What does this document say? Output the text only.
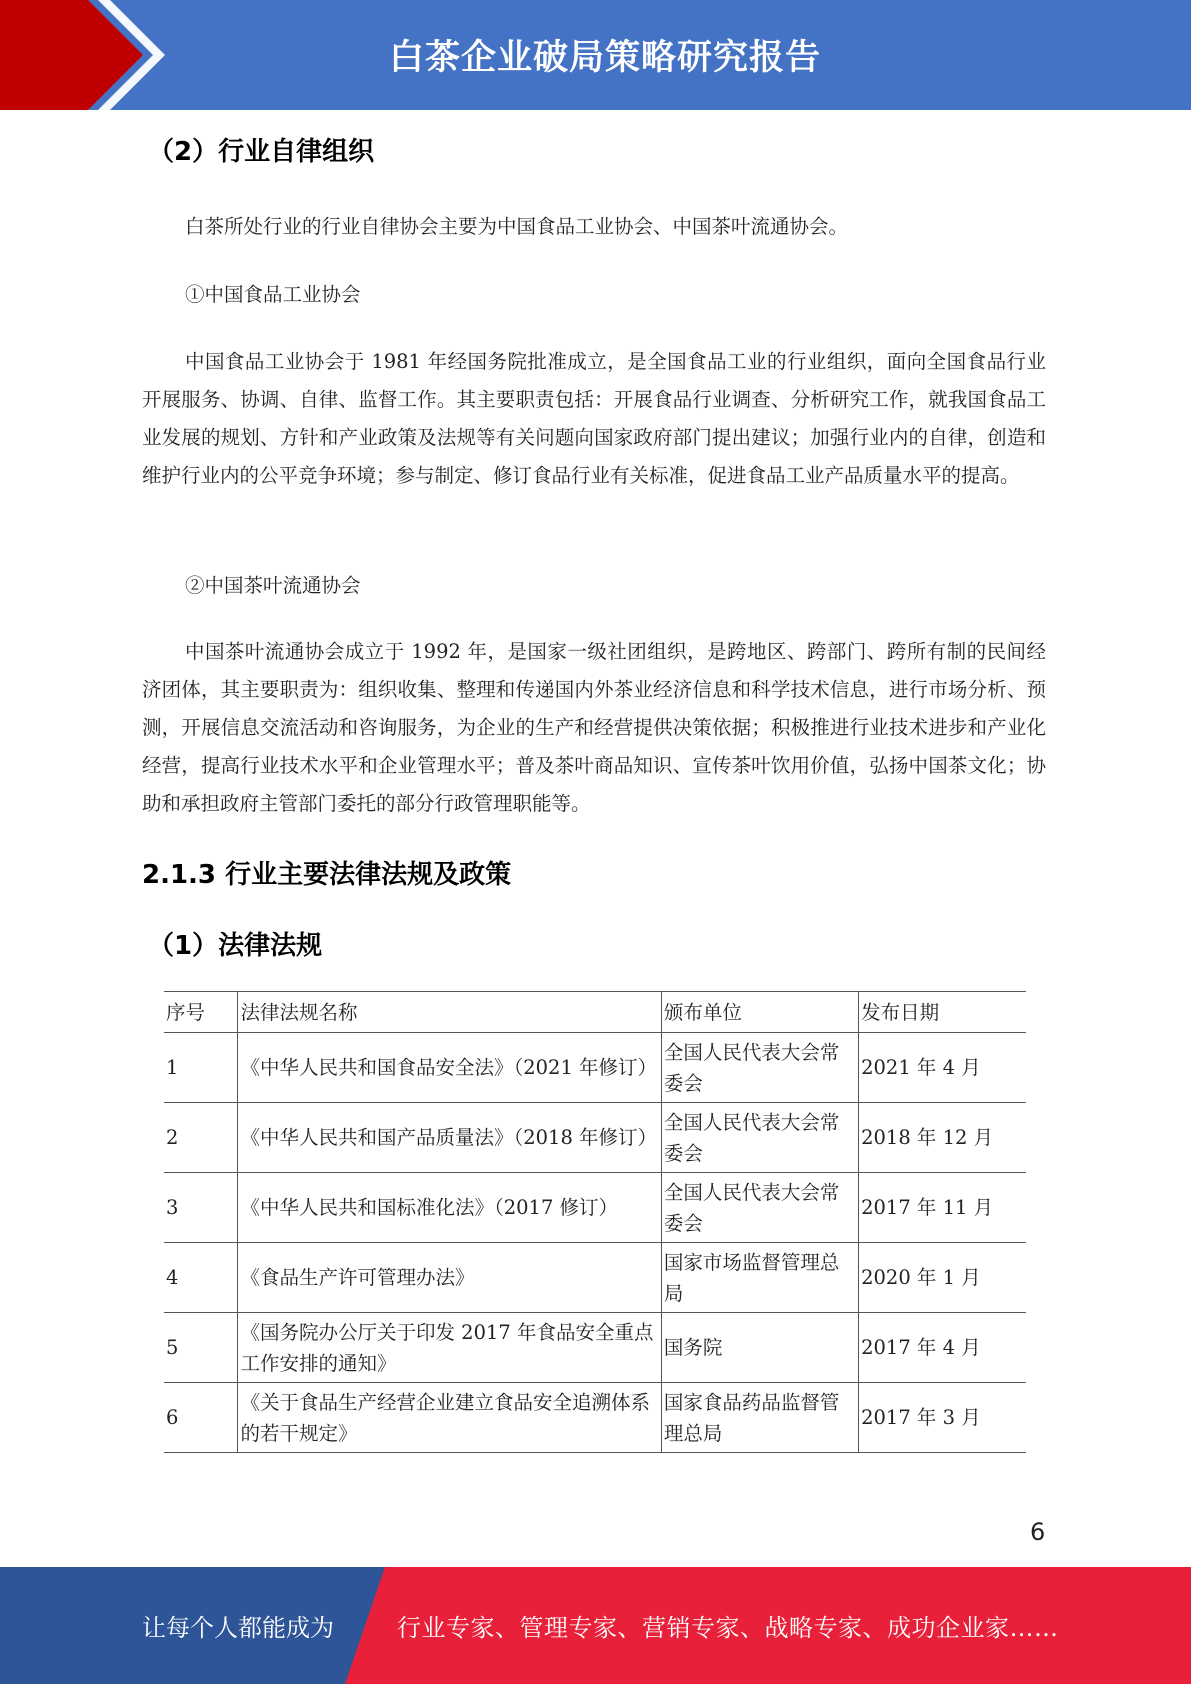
白茶企业破局策略研究报告
（2）行业自律组织

白茶所处行业的行业自律协会主要为中国食品工业协会、中国茶叶流通协会。

①中国食品工业协会

中国食品工业协会于 1981 年经国务院批准成立，是全国食品工业的行业组织，面向全国食品行业开展服务、协调、自律、监督工作。其主要职责包括：开展食品行业调查、分析研究工作，就我国食品工业发展的规划、方针和产业政策及法规等有关问题向国家政府部门提出建议；加强行业内的自律，创造和维护行业内的公平竞争环境；参与制定、修订食品行业有关标准，促进食品工业产品质量水平的提高。

②中国茶叶流通协会

中国茶叶流通协会成立于 1992 年，是国家一级社团组织，是跨地区、跨部门、跨所有制的民间经济团体，其主要职责为：组织收集、整理和传递国内外茶业经济信息和科学技术信息，进行市场分析、预测，开展信息交流活动和咨询服务，为企业的生产和经营提供决策依据；积极推进行业技术进步和产业化经营，提高行业技术水平和企业管理水平；普及茶叶商品知识、宣传茶叶饮用价值，弘扬中国茶文化；协助和承担政府主管部门委托的部分行政管理职能等。

2.1.3 行业主要法律法规及政策
（1）法律法规
序号	法律法规名称	颁布单位	发布日期
1	《中华人民共和国食品安全法》（2021 年修订）	全国人民代表大会常委会	2021 年 4 月
2	《中华人民共和国产品质量法》（2018 年修订）	全国人民代表大会常委会	2018 年 12 月
3	《中华人民共和国标准化法》（2017 修订）	全国人民代表大会常委会	2017 年 11 月
4	《食品生产许可管理办法》	国家市场监督管理总局	2020 年 1 月
5	《国务院办公厅关于印发 2017 年食品安全重点工作安排的通知》	国务院	2017 年 4 月
6	《关于食品生产经营企业建立食品安全追溯体系的若干规定》	国家食品药品监督管理总局	2017 年 3 月
6
让每个人都能成为	行业专家、管理专家、营销专家、战略专家、成功企业家……
